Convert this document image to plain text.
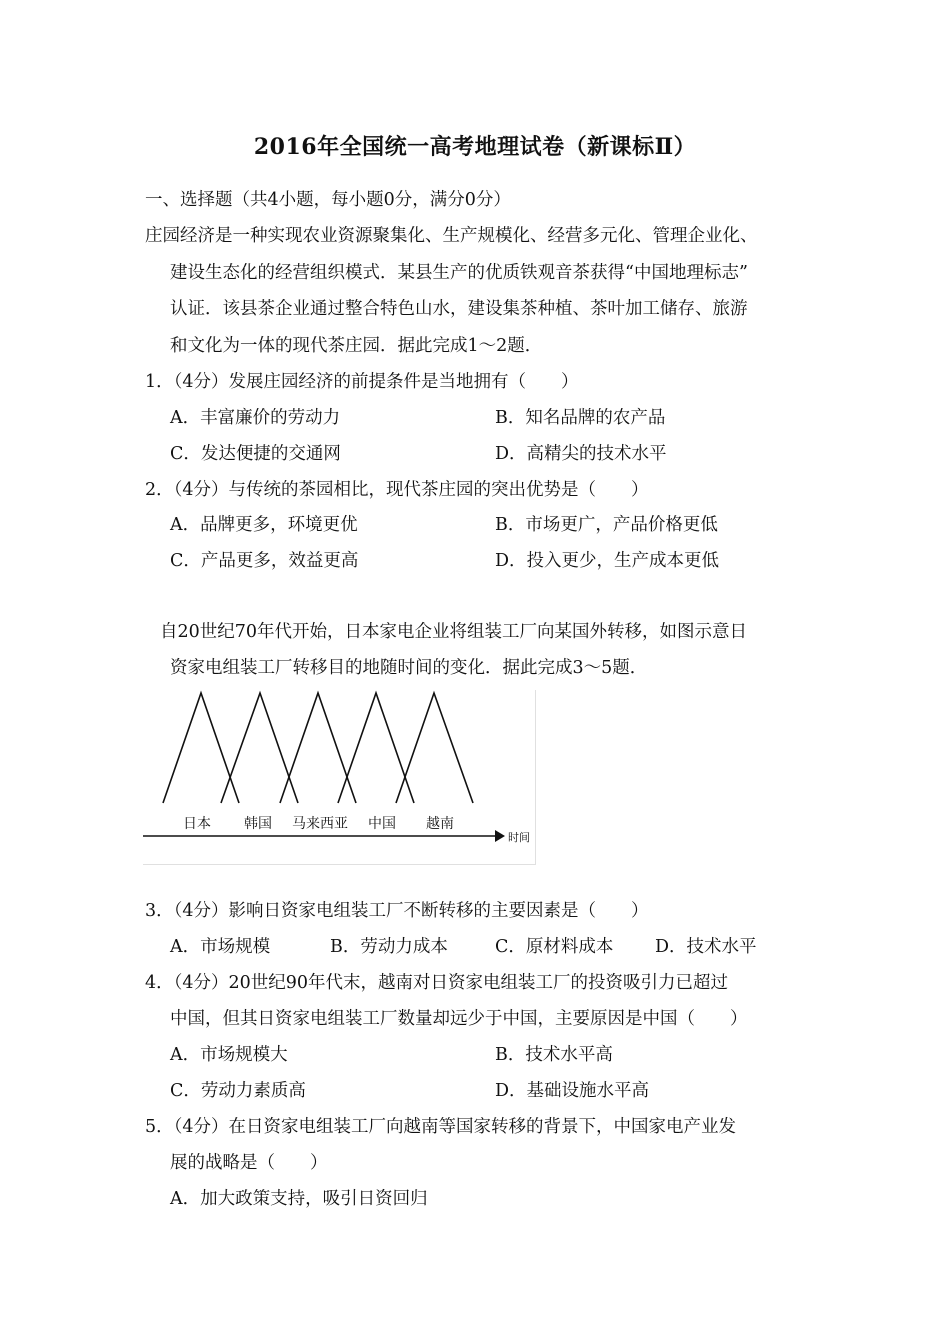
2016年全国统一高考地理试卷（新课标Ⅱ）
一、选择题（共4小题，每小题0分，满分0分）
庄园经济是一种实现农业资源聚集化、生产规模化、经营多元化、管理企业化、
建设生态化的经营组织模式．某县生产的优质铁观音茶获得“中国地理标志”
认证．该县茶企业通过整合特色山水，建设集茶种植、茶叶加工储存、旅游
和文化为一体的现代茶庄园．据此完成1～2题．
1．（4分）发展庄园经济的前提条件是当地拥有（　　）
A．丰富廉价的劳动力	B．知名品牌的农产品
C．发达便捷的交通网	D．高精尖的技术水平
2．（4分）与传统的茶园相比，现代茶庄园的突出优势是（　　）
A．品牌更多，环境更优	B．市场更广，产品价格更低
C．产品更多，效益更高	D．投入更少，生产成本更低
自20世纪70年代开始，日本家电企业将组装工厂向某国外转移，如图示意日
资家电组装工厂转移目的地随时间的变化．据此完成3～5题．
日本 韩国 马来西亚 中国 越南
时间
3．（4分）影响日资家电组装工厂不断转移的主要因素是（　　）
A．市场规模	B．劳动力成本	C．原材料成本 D．技术水平
4．（4分）20世纪90年代末，越南对日资家电组装工厂的投资吸引力已超过
中国，但其日资家电组装工厂数量却远少于中国，主要原因是中国（　　）
A．市场规模大	B．技术水平高
C．劳动力素质高	D．基础设施水平高
5．（4分）在日资家电组装工厂向越南等国家转移的背景下，中国家电产业发
展的战略是（　　）
A．加大政策支持，吸引日资回归
